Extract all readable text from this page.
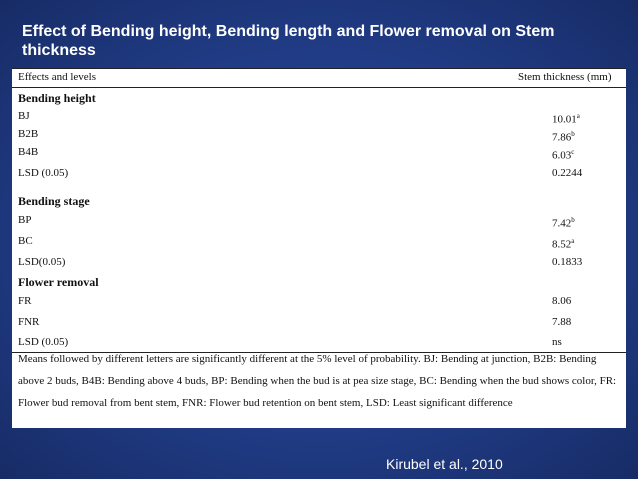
Effect of Bending height, Bending length and Flower removal on Stem thickness
Effects and levels	Stem thickness (mm)
Bending height
BJ	10.01$^a$
B2B	7.86$^b$
B4B	6.03$^c$
LSD (0.05)	0.2244
Bending stage
BP	7.42$^b$
BC	8.52$^a$
LSD(0.05)	0.1833
Flower removal
FR	8.06
FNR	7.88
LSD (0.05)	ns
Means followed by different letters are significantly different at the 5% level of probability. BJ: Bending at junction, B2B: Bending above 2 buds, B4B: Bending above 4 buds, BP: Bending when the bud is at pea size stage, BC: Bending when the bud shows color, FR: Flower bud removal from bent stem, FNR: Flower bud retention on bent stem, LSD: Least significant difference
Kirubel et al., 2010
